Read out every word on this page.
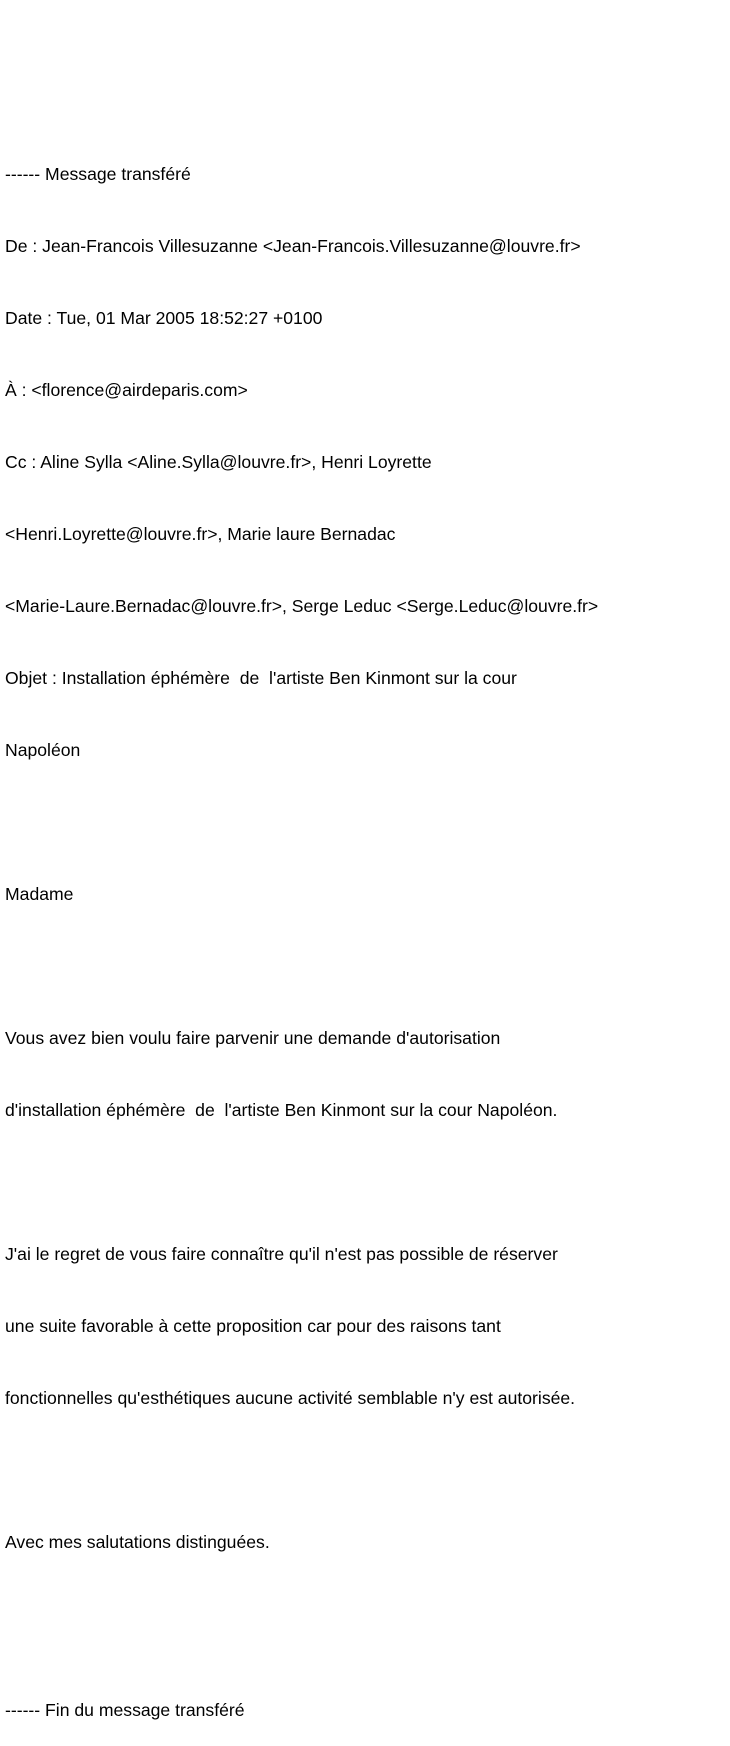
------ Message transféré

De : Jean-Francois Villesuzanne <Jean-Francois.Villesuzanne@louvre.fr>

Date : Tue, 01 Mar 2005 18:52:27 +0100

À : <florence@airdeparis.com>

Cc : Aline Sylla <Aline.Sylla@louvre.fr>, Henri Loyrette

<Henri.Loyrette@louvre.fr>, Marie laure Bernadac

<Marie-Laure.Bernadac@louvre.fr>, Serge Leduc <Serge.Leduc@louvre.fr>

Objet : Installation éphémère  de  l'artiste Ben Kinmont sur la cour

Napoléon

Madame

Vous avez bien voulu faire parvenir une demande d'autorisation

d'installation éphémère  de  l'artiste Ben Kinmont sur la cour Napoléon.

J'ai le regret de vous faire connaître qu'il n'est pas possible de réserver

une suite favorable à cette proposition car pour des raisons tant

fonctionnelles qu'esthétiques aucune activité semblable n'y est autorisée.

Avec mes salutations distinguées.

------ Fin du message transféré
